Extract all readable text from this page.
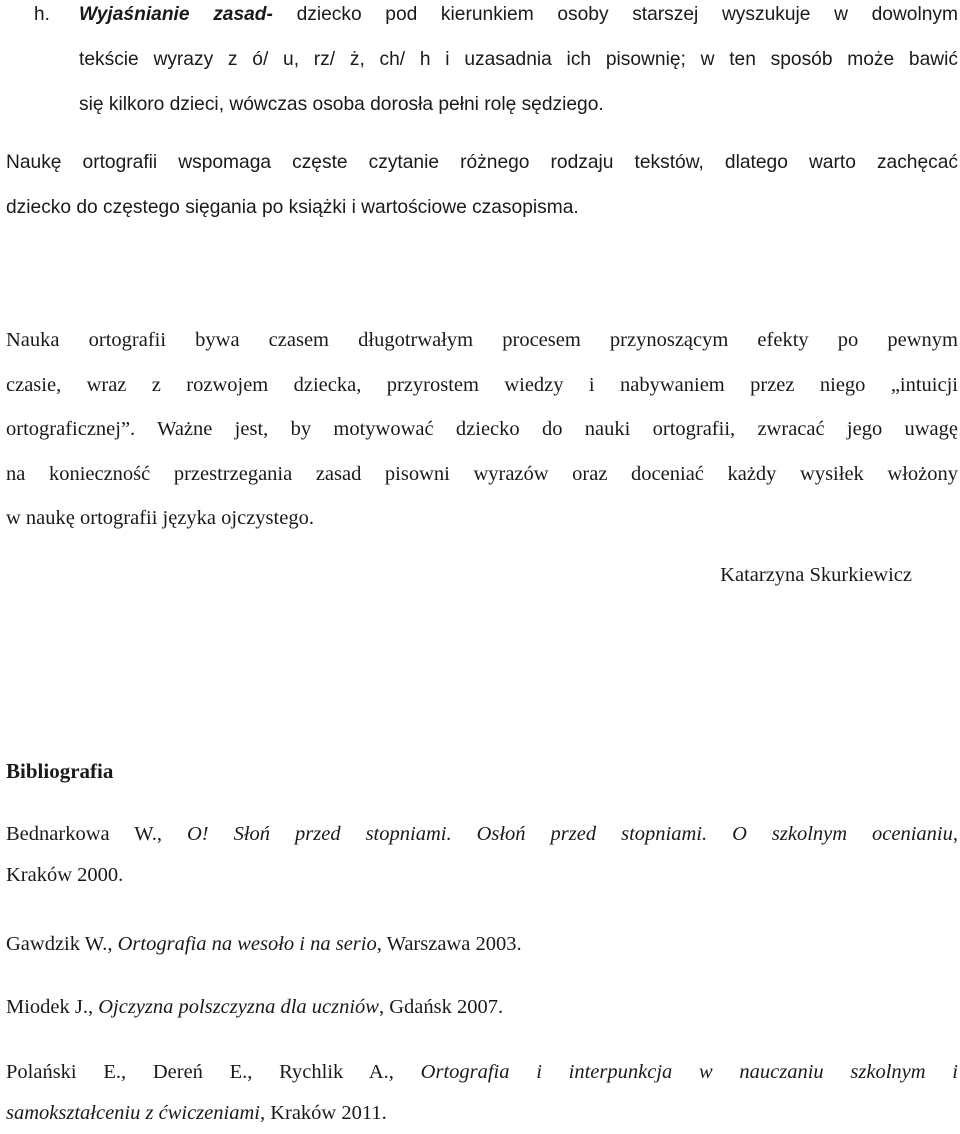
h. Wyjaśnianie zasad- dziecko pod kierunkiem osoby starszej wyszukuje w dowolnym
tekście wyrazy z ó/ u, rz/ ż, ch/ h i uzasadnia ich pisownię; w ten sposób może bawić
się kilkoro dzieci, wówczas osoba dorosła pełni rolę sędziego.
Naukę ortografii wspomaga częste czytanie różnego rodzaju tekstów, dlatego warto zachęcać
dziecko do częstego sięgania po książki i wartościowe czasopisma.
Nauka ortografii bywa czasem długotrwałym procesem przynoszącym efekty po pewnym
czasie, wraz z rozwojem dziecka, przyrostem wiedzy i nabywaniem przez niego „intuicji
ortograficznej”. Ważne jest, by motywować dziecko do nauki ortografii, zwracać jego uwagę
na konieczność przestrzegania zasad pisowni wyrazów oraz doceniać każdy wysiłek włożony
w naukę ortografii języka ojczystego.
Katarzyna Skurkiewicz
Bibliografia
Bednarkowa W., O! Słoń przed stopniami. Osłoń przed stopniami. O szkolnym ocenianiu,
Kraków 2000.
Gawdzik W., Ortografia na wesoło i na serio, Warszawa 2003.
Miodek J., Ojczyzna polszczyzna dla uczniów, Gdańsk 2007.
Polański E., Dereń E., Rychlik A., Ortografia i interpunkcja w nauczaniu szkolnym i
samokształceniu z ćwiczeniami, Kraków 2011.
